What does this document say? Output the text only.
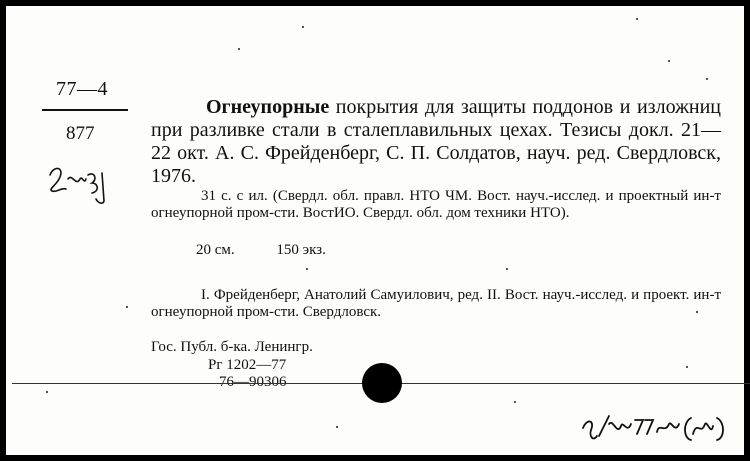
77—4
877
Огнеупорные покрытия для защиты поддонов и изложниц при разливке стали в сталеплавильных цехах. Тезисы докл. 21—22 окт. А. С. Фрейденберг, С. П. Солдатов, науч. ред. Свердловск, 1976.
31 с. с ил. (Свердл. обл. правл. НТО ЧМ. Вост. науч.-исслед. и проектный ин-т огнеупорной пром-сти. ВостИО. Свердл. обл. дом техники НТО).
20 см.	150 экз.
I. Фрейденберг, Анатолий Самуилович, ред. II. Вост. науч.-исслед. и проект. ин-т огнеупорной пром-сти. Свердловск.
Гос. Публ. б-ка. Ленингр.
Рг 1202—77
76—90306
